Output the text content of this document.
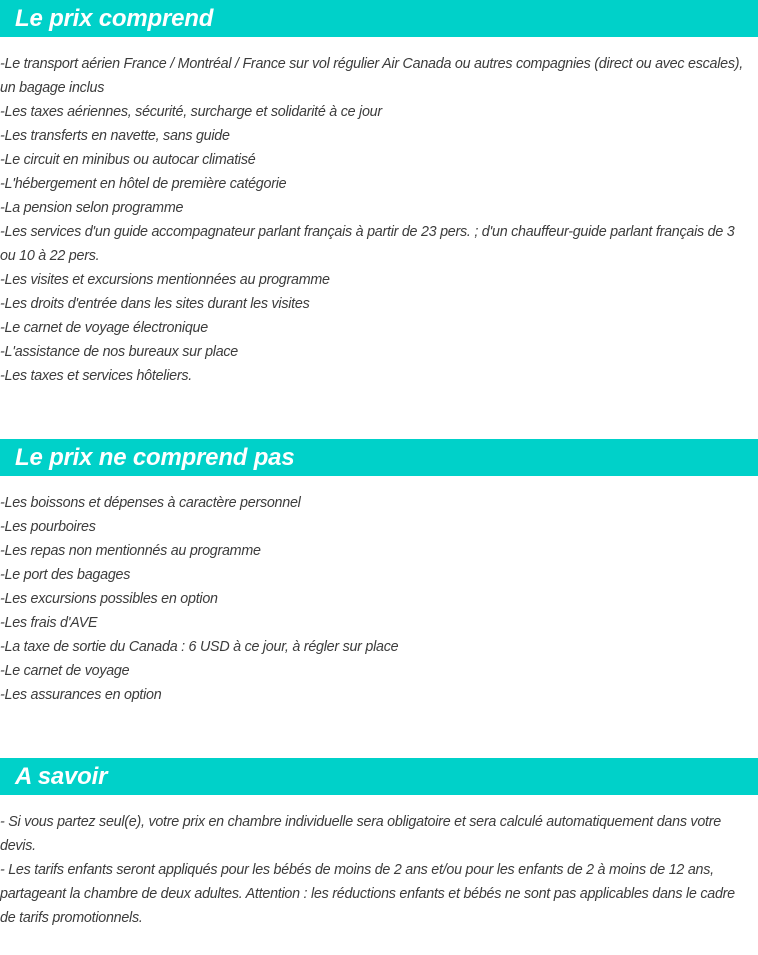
Le prix comprend
-Le transport aérien France / Montréal / France sur vol régulier Air Canada ou autres compagnies (direct ou avec escales), un bagage inclus
-Les taxes aériennes, sécurité, surcharge et solidarité à ce jour
-Les transferts en navette, sans guide
-Le circuit en minibus ou autocar climatisé
-L'hébergement en hôtel de première catégorie
-La pension selon programme
-Les services d'un guide accompagnateur parlant français à partir de 23 pers. ; d'un chauffeur-guide parlant français de 3 ou 10 à 22 pers.
-Les visites et excursions mentionnées au programme
-Les droits d'entrée dans les sites durant les visites
-Le carnet de voyage électronique
-L'assistance de nos bureaux sur place
-Les taxes et services hôteliers.
Le prix ne comprend pas
-Les boissons et dépenses à caractère personnel
-Les pourboires
-Les repas non mentionnés au programme
-Le port des bagages
-Les excursions possibles en option
-Les frais d'AVE
-La taxe de sortie du Canada : 6 USD à ce jour, à régler sur place
-Le carnet de voyage
-Les assurances en option
A savoir
- Si vous partez seul(e), votre prix en chambre individuelle sera obligatoire et sera calculé automatiquement dans votre devis.
- Les tarifs enfants seront appliqués pour les bébés de moins de 2 ans et/ou pour les enfants de 2 à moins de 12 ans, partageant la chambre de deux adultes. Attention : les réductions enfants et bébés ne sont pas applicables dans le cadre de tarifs promotionnels.
